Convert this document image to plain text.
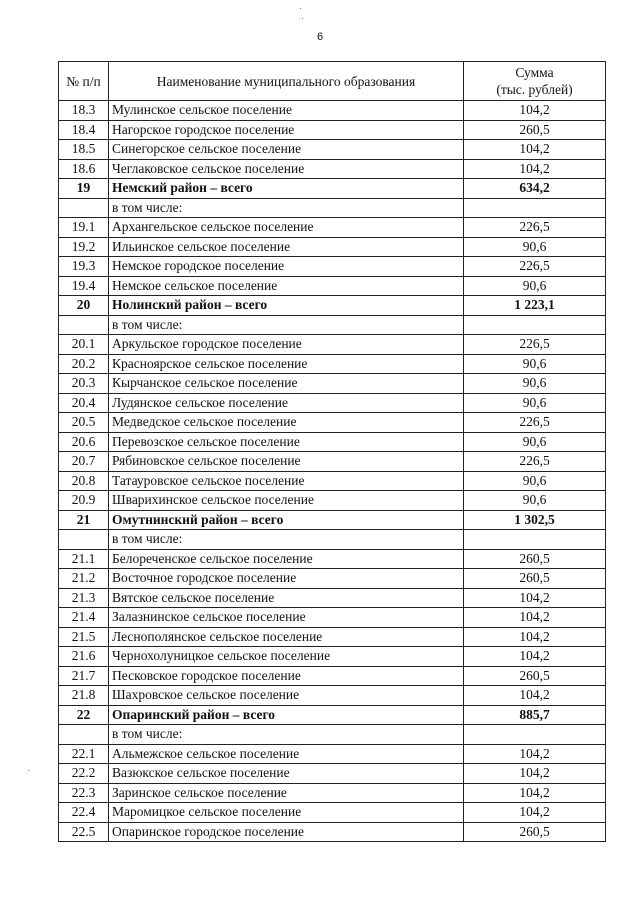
6
№ п/п	Наименование муниципального образования	Сумма
(тыс. рублей)
18.3	Мулинское сельское поселение	104,2
18.4	Нагорское городское поселение	260,5
18.5	Синегорское сельское поселение	104,2
18.6	Чеглаковское сельское поселение	104,2
19	Немский район – всего	634,2
	в том числе:	
19.1	Архангельское сельское поселение	226,5
19.2	Ильинское сельское поселение	90,6
19.3	Немское городское поселение	226,5
19.4	Немское сельское поселение	90,6
20	Нолинский район – всего	1 223,1
	в том числе:	
20.1	Аркульское городское поселение	226,5
20.2	Красноярское сельское поселение	90,6
20.3	Кырчанское сельское поселение	90,6
20.4	Лудянское сельское поселение	90,6
20.5	Медведское сельское поселение	226,5
20.6	Перевозское сельское поселение	90,6
20.7	Рябиновское сельское поселение	226,5
20.8	Татауровское сельское поселение	90,6
20.9	Шварихинское сельское поселение	90,6
21	Омутнинский район – всего	1 302,5
	в том числе:	
21.1	Белореченское сельское поселение	260,5
21.2	Восточное городское поселение	260,5
21.3	Вятское сельское поселение	104,2
21.4	Залазнинское сельское поселение	104,2
21.5	Леснополянское сельское поселение	104,2
21.6	Чернохолуницкое сельское поселение	104,2
21.7	Песковское городское поселение	260,5
21.8	Шахровское сельское поселение	104,2
22	Опаринский район – всего	885,7
	в том числе:	
22.1	Альмежское сельское поселение	104,2
22.2	Вазюкское сельское поселение	104,2
22.3	Заринское сельское поселение	104,2
22.4	Маромицкое сельское поселение	104,2
22.5	Опаринское городское поселение	260,5
